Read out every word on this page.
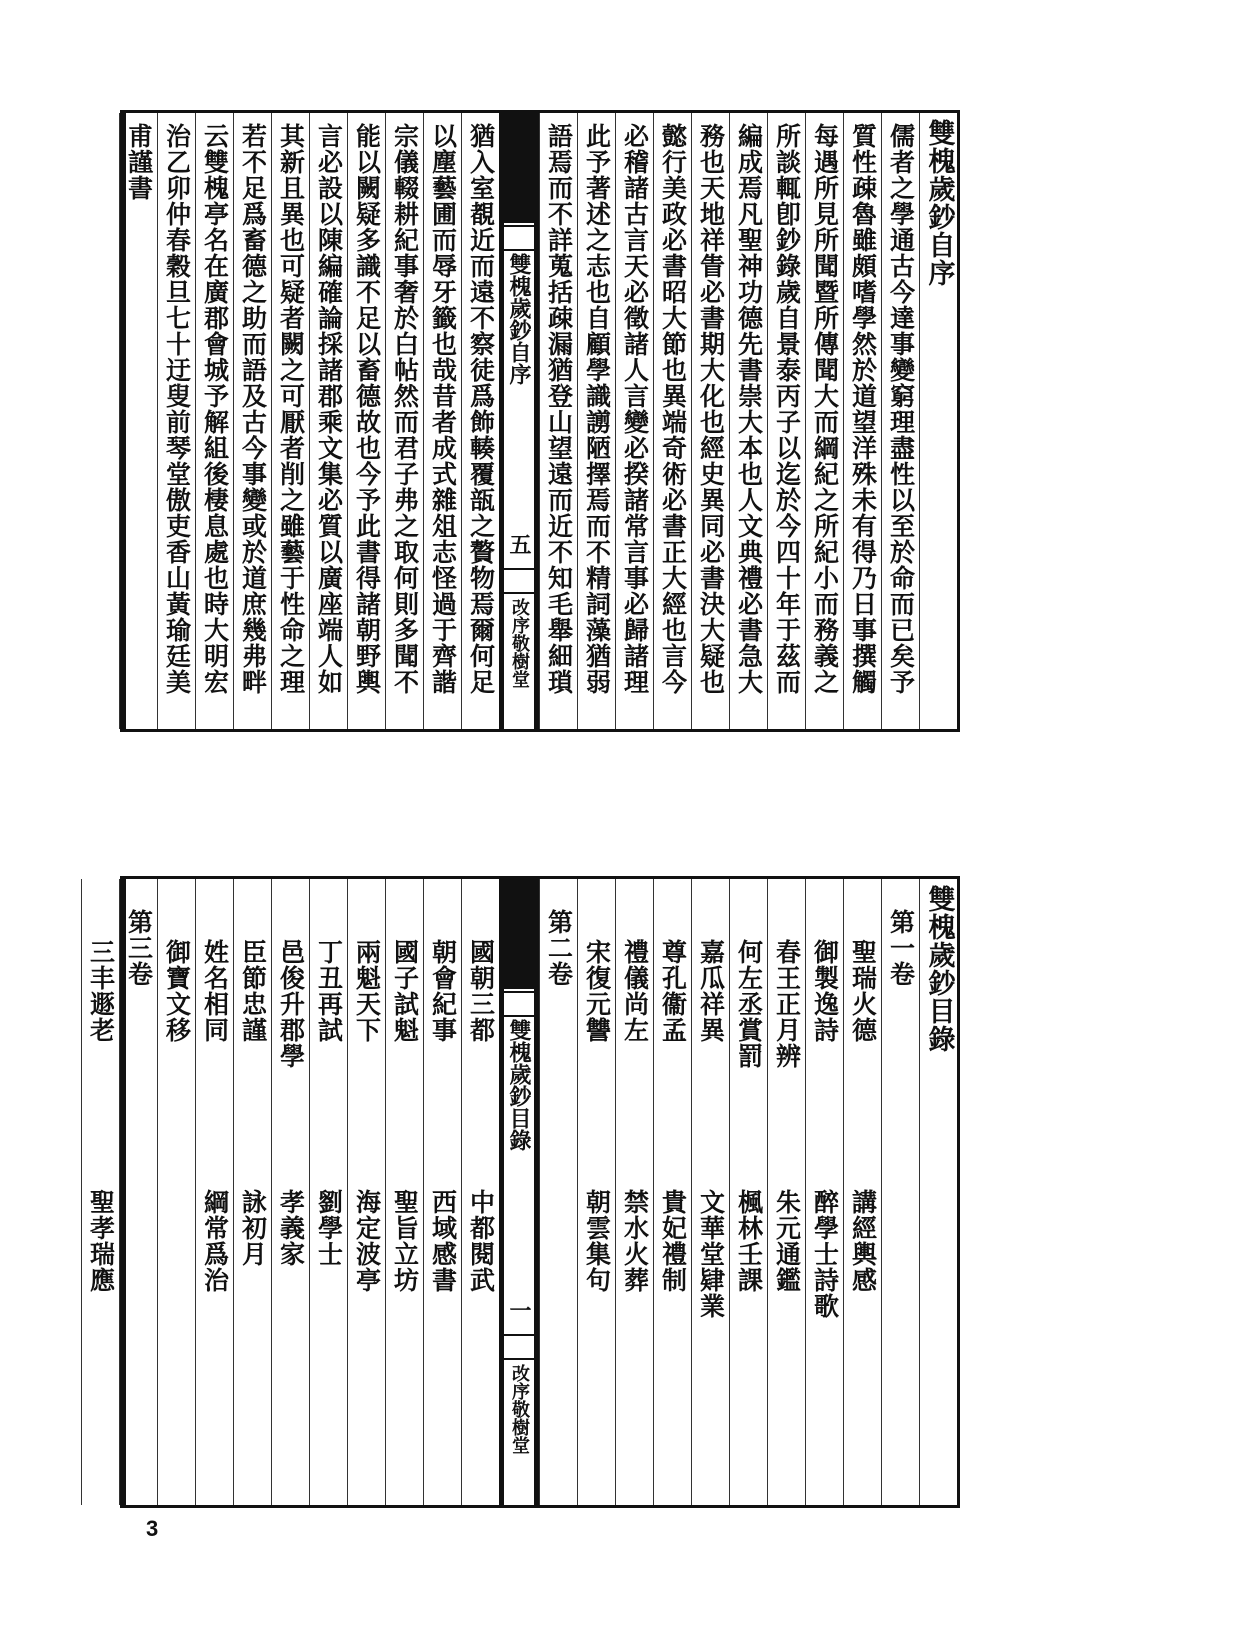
雙槐歲鈔自序
儒者之學通古今達事變窮理盡性以至於命而已矣予
質性疎魯雖頗嗜學然於道望洋殊未有得乃日事撰觸
每遇所見所聞暨所傳聞大而綱紀之所紀小而務義之
所談輒卽鈔錄歲自景泰丙子以迄於今四十年于茲而
編成焉凡聖神功德先書崇大本也人文典禮必書急大
務也天地祥眚必書期大化也經史異同必書決大疑也
懿行美政必書昭大節也異端奇術必書正大經也言今
必稽諸古言天必徵諸人言變必揆諸常言事必歸諸理
此予著述之志也自顧學識謭陋擇焉而不精詞藻猶弱
語焉而不詳蒐括疎漏猶登山望遠而近不知毛舉細瑣
雙槐歲鈔自序
五
改序敬樹堂
猶入室覩近而遠不察徒爲飾輳覆瓿之贅物焉爾何足
以塵藝圃而辱牙籤也哉昔者成式雜俎志怪過于齊諧
宗儀輟耕紀事奢於白帖然而君子弗之取何則多聞不
能以闕疑多識不足以畜德故也今予此書得諸朝野輿
言必設以陳編確論採諸郡乘文集必質以廣座端人如
其新且異也可疑者闕之可厭者削之雖藝于性命之理
若不足爲畜德之助而語及古今事變或於道庶幾弗畔
云雙槐亭名在廣郡會城予解組後棲息處也時大明宏
治乙卯仲春穀旦七十迂叟前琴堂傲吏香山黃瑜廷美
甫謹書
雙槐歲鈔目錄
第一卷
聖瑞火德
講經輿感
御製逸詩
醉學士詩歌
春王正月辨
朱元通鑑
何左丞賞罰
楓林壬課
嘉瓜祥異
文華堂肄業
尊孔衞孟
貴妃禮制
禮儀尚左
禁水火葬
宋復元讐
朝雲集句
第二卷
雙槐歲鈔目錄
一
改序敬樹堂
國朝三都
中都閱武
朝會紀事
西域感書
國子試魁
聖旨立坊
兩魁天下
海定波亭
丁丑再試
劉學士
邑俊升郡學
孝義家
臣節忠謹
詠初月
姓名相同
綱常爲治
御寶文移
第三卷
三丰遯老
聖孝瑞應
3
